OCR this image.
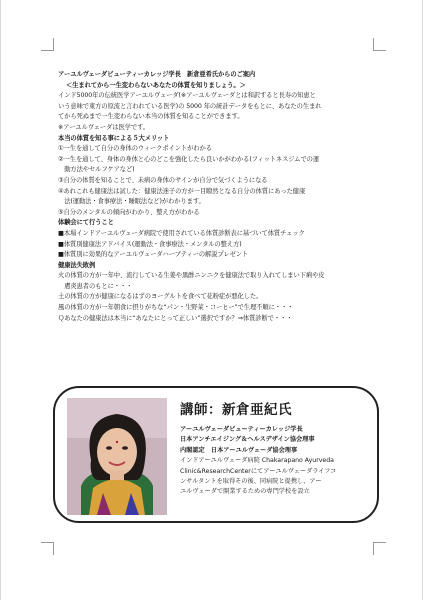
アーユルヴェーダビューティーカレッジ学長　新倉亜希氏からのご案内
＜生まれてから一生変わらないあなたの体質を知りましょう。＞
インド5000年の伝統医学アーユルヴェーダ(※アーユルヴェーダとは和訳すると長寿の知恵と
いう意味で東方の原流と言われている医学)の 5000 年の統計データをもとに、あなたの生まれ
てから死ぬまで一生変わらない本当の体質を知ることができます。
※アーユルヴェーダは医学です。
本当の体質を知る事による５大メリット
①一生を通して自分の身体のウィークポイントがわかる
②一生を通して、身体の身体と心のどこを強化したら良いかがわかる(フィットネスジムでの運
　動方法やセルフケアなど)
③自分の体質を知ることで、未病の身体のサインが自分で気づくようになる
④あれこれも健康法は試した：健康法迷子の方が一目瞭然となる自分の体質にあった健康
　法(運動法・食事療法・睡眠法など)がわかります。
⑤自分のメンタルの傾向がわかり、整え方がわかる
体験会にて行うこと
■本場インドアーユルヴェーダ病院で使用されている体質診断表に基づいて体質チェック
■体質別健康法アドバイス(運動法・食事療法・メンタルの整え方)
■体質別に効果的なアーユルヴェーダハーブティーの解説プレゼント
健康法失敗例
火の体質の方が一年中、流行している生姜や黒酢ニンニクを健康法で取り入れてしまい下痢や皮
　膚炎患者のもとに・・・
土の体質の方が健康になるはずのヨーグルトを食べて花粉症が悪化した。
風の体質の方が一年朝食に摂りがちな“パン・生野菜・コーヒー”で生理不順に・・・
Ｑあなたの健康法は本当に“あなたにとって正しい”選択ですか？⇒体質診断で・・・
講師：新倉亜紀氏
アーユルヴェーダビューティーカレッジ学長
日本アンチエイジング＆ヘルスデザイン協会理事
内閣認定　日本アーユルヴェーダ協会理事
インドアーユルヴェーダ病院 Chakarapano Ayurveda
Clinic&ResearchCenterにてアーユルヴェーダライフコ
ンサルタントを取得その後、同病院と提携し、アー
ユルヴェーダで開業するための専門学校を設立
